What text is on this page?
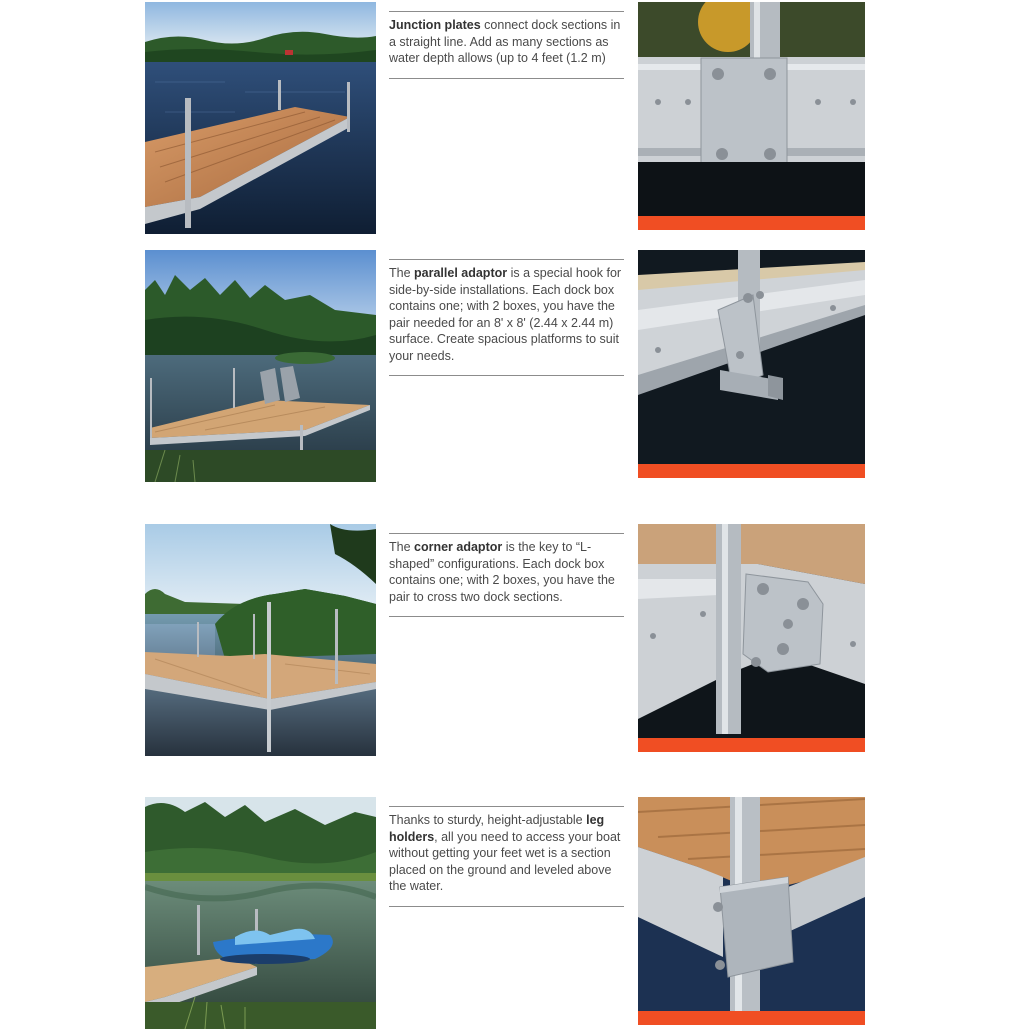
Junction plates connect dock sections in a straight line. Add as many sections as water depth allows (up to 4 feet (1.2 m)

The parallel adaptor is a special hook for side-by-side installations. Each dock box contains one; with 2 boxes, you have the pair needed for an 8' x 8' (2.44 x 2.44 m) surface. Create spacious platforms to suit your needs.

The corner adaptor is the key to “L-shaped” configurations. Each dock box contains one; with 2 boxes, you have the pair to cross two dock sections.

Thanks to sturdy, height-adjustable leg holders, all you need to access your boat without getting your feet wet is a section placed on the ground and leveled above the water.
